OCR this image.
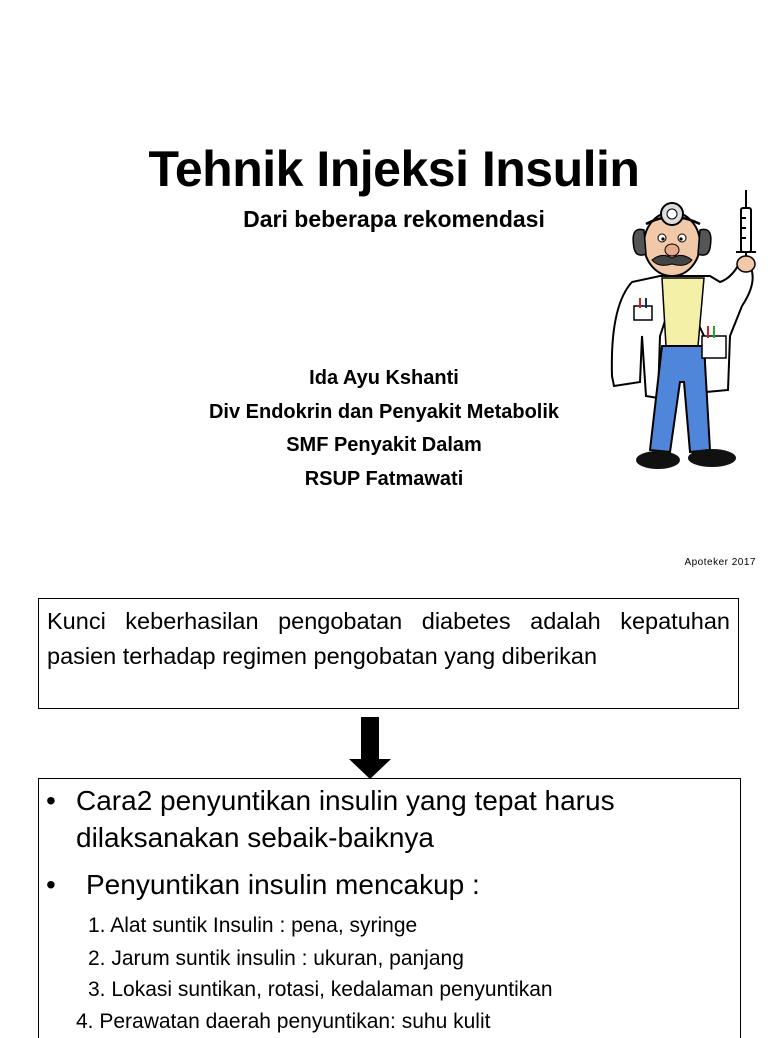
Tehnik Injeksi Insulin
Dari beberapa rekomendasi
Ida Ayu Kshanti
Div Endokrin dan Penyakit Metabolik
SMF Penyakit Dalam
RSUP Fatmawati
Apoteker 2017
Kunci keberhasilan pengobatan diabetes adalah kepatuhan pasien terhadap regimen pengobatan yang diberikan
• Cara2 penyuntikan insulin yang tepat harus dilaksanakan sebaik-baiknya
•	Penyuntikan insulin mencakup :
1. Alat suntik Insulin : pena, syringe
2. Jarum suntik insulin : ukuran, panjang
3. Lokasi suntikan, rotasi, kedalaman penyuntikan
4. Perawatan daerah penyuntikan: suhu kulit
